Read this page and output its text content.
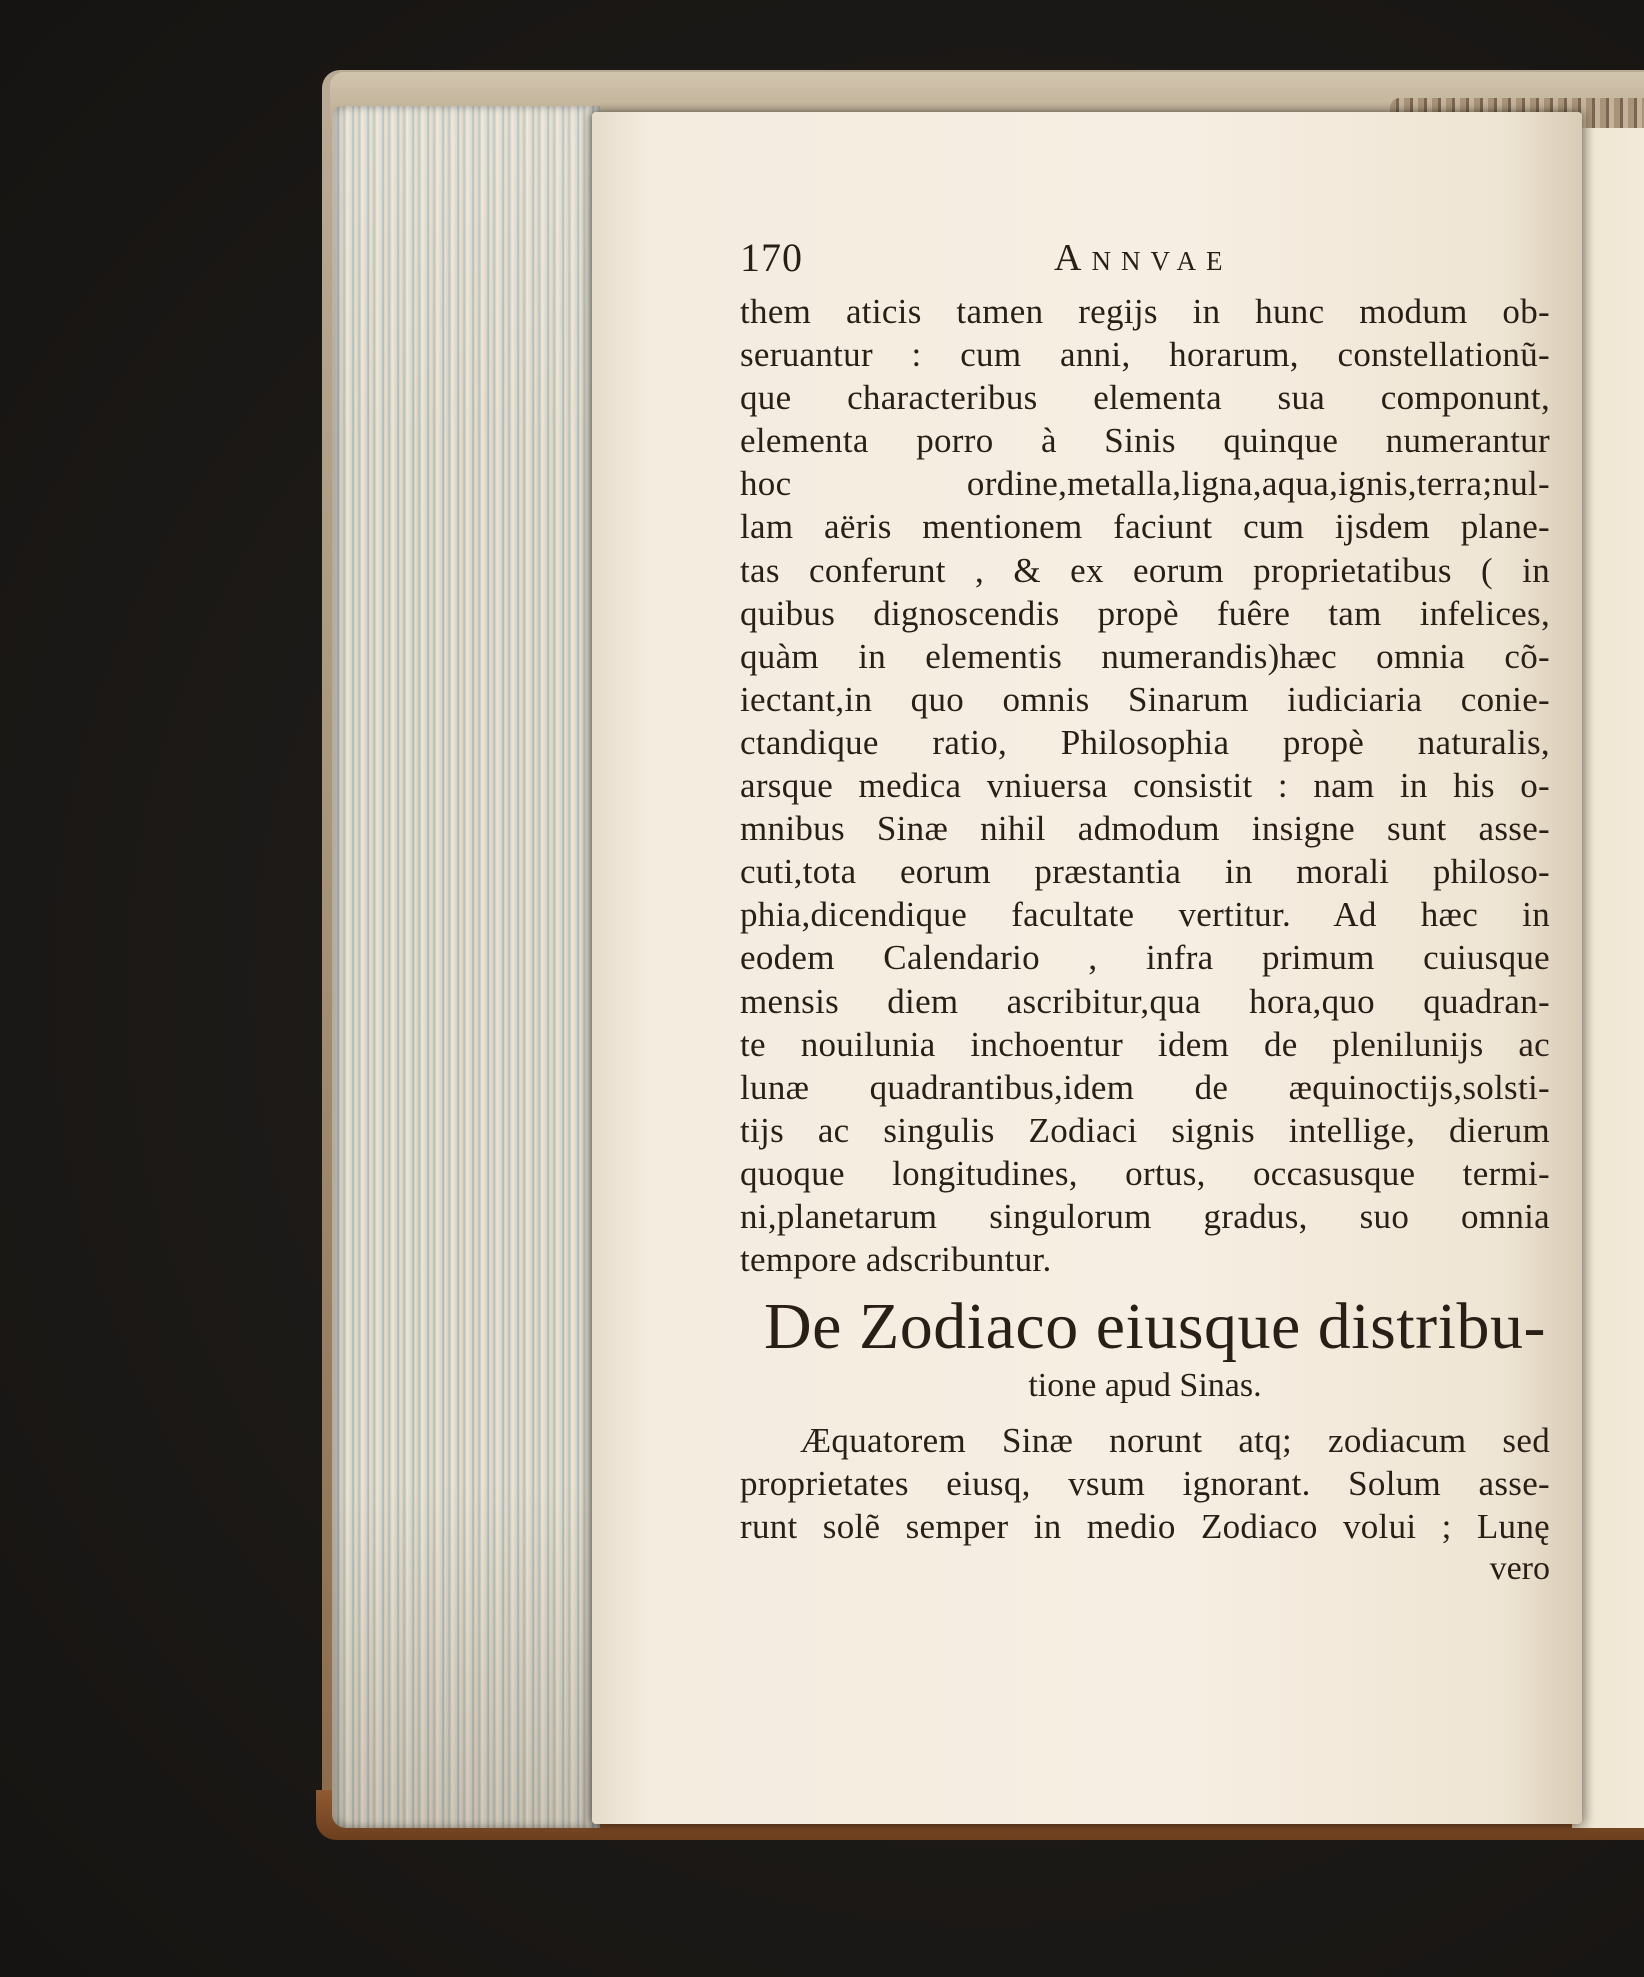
170	Annvae
them aticis tamen regijs in hunc modum ob-
seruantur : cum anni, horarum, constellationũ-
que characteribus elementa sua componunt,
elementa porro à Sinis quinque numerantur
hoc ordine,metalla,ligna,aqua,ignis,terra;nul-
lam aëris mentionem faciunt cum ijsdem plane-
tas conferunt , & ex eorum proprietatibus ( in
quibus dignoscendis propè fuêre tam infelices,
quàm in elementis numerandis)hæc omnia cõ-
iectant,in quo omnis Sinarum iudiciaria conie-
ctandique ratio, Philosophia propè naturalis,
arsque medica vniuersa consistit : nam in his o-
mnibus Sinæ nihil admodum insigne sunt asse-
cuti,tota eorum præstantia in morali philoso-
phia,dicendique facultate vertitur. Ad hæc in
eodem Calendario , infra primum cuiusque
mensis diem ascribitur,qua hora,quo quadran-
te nouilunia inchoentur idem de plenilunijs ac
lunæ quadrantibus,idem de æquinoctijs,solsti-
tijs ac singulis Zodiaci signis intellige, dierum
quoque longitudines, ortus, occasusque termi-
ni,planetarum singulorum gradus, suo omnia
tempore adscribuntur.
De Zodiaco eiusque distribu-
tione apud Sinas.
Æquatorem Sinæ norunt atq; zodiacum sed
proprietates eiusq, vsum ignorant. Solum asse-
runt solẽ semper in medio Zodiaco volui ; Lunę
vero
